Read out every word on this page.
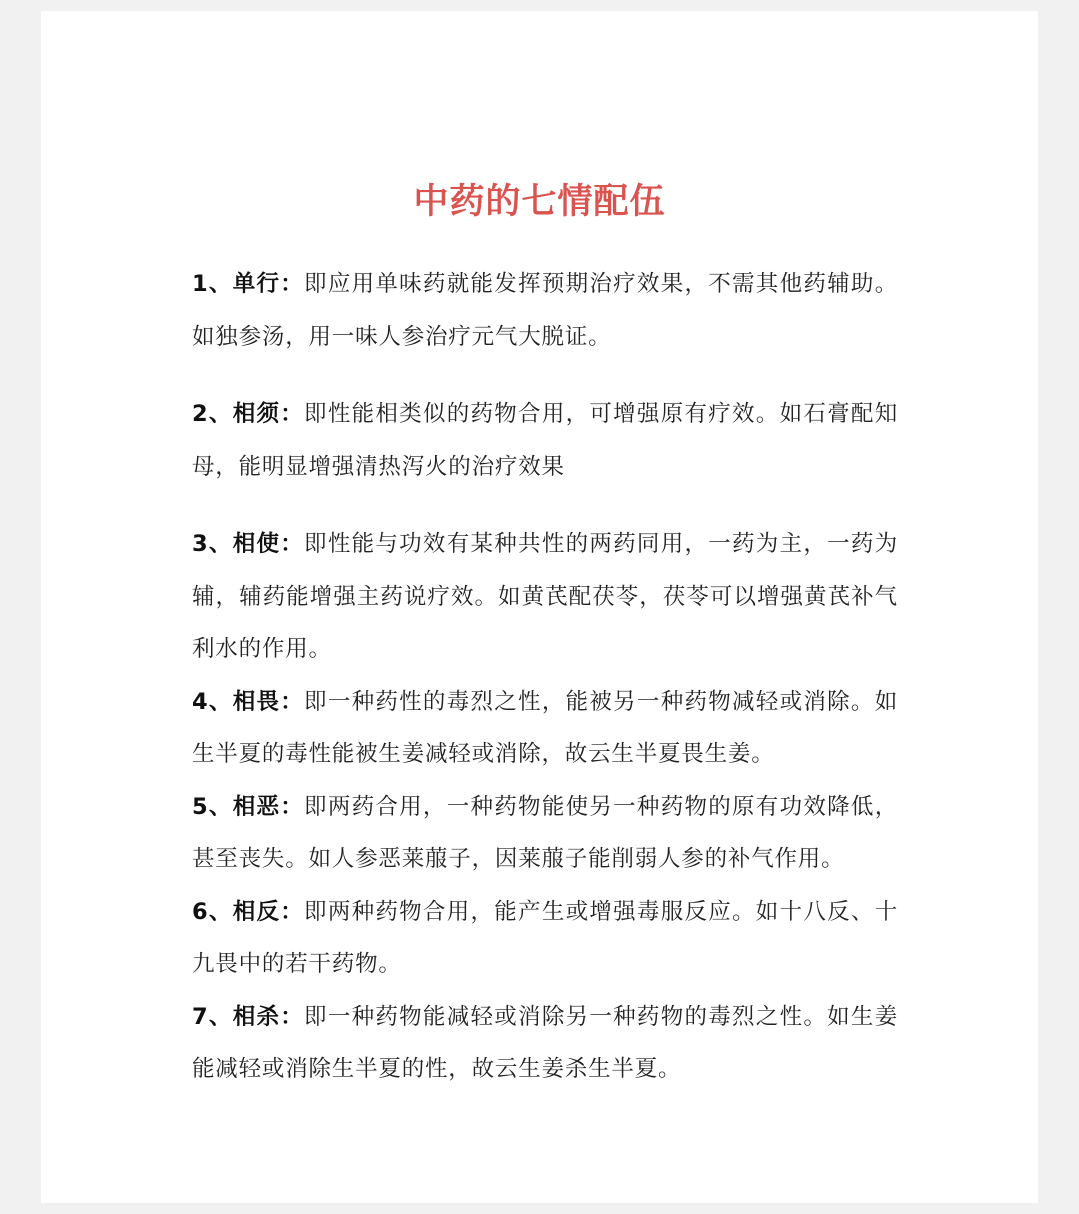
中药的七情配伍

1、单行：即应用单味药就能发挥预期治疗效果，不需其他药辅助。如独参汤，用一味人参治疗元气大脱证。

2、相须：即性能相类似的药物合用，可增强原有疗效。如石膏配知母，能明显增强清热泻火的治疗效果

3、相使：即性能与功效有某种共性的两药同用，一药为主，一药为辅，辅药能增强主药说疗效。如黄芪配茯苓，茯苓可以增强黄芪补气利水的作用。

4、相畏：即一种药性的毒烈之性，能被另一种药物减轻或消除。如生半夏的毒性能被生姜减轻或消除，故云生半夏畏生姜。

5、相恶：即两药合用，一种药物能使另一种药物的原有功效降低，甚至丧失。如人参恶莱菔子，因莱菔子能削弱人参的补气作用。

6、相反：即两种药物合用，能产生或增强毒服反应。如十八反、十九畏中的若干药物。

7、相杀：即一种药物能减轻或消除另一种药物的毒烈之性。如生姜能减轻或消除生半夏的性，故云生姜杀生半夏。
